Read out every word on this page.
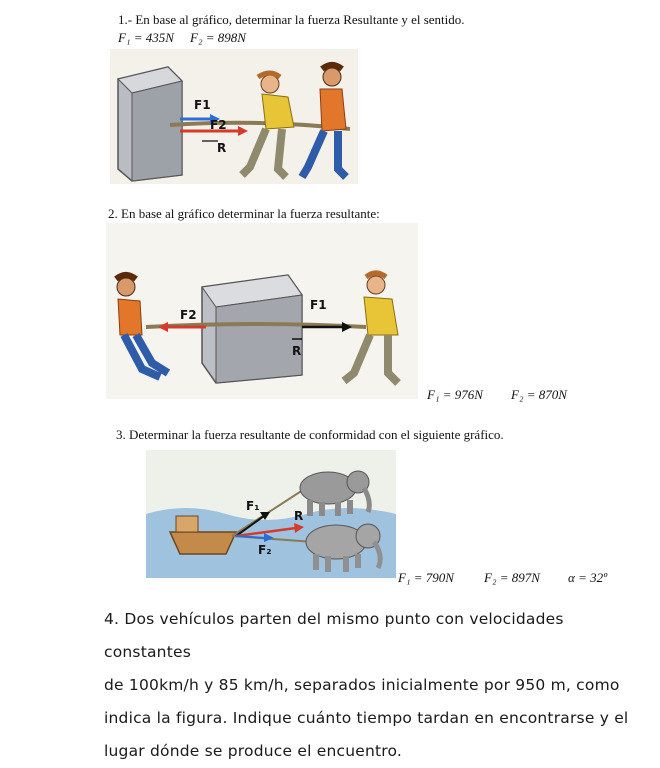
1.- En base al gráfico, determinar la fuerza Resultante y el sentido.
F₁ = 435N F₂ = 898N
F1
F2
R
2. En base al gráfico determinar la fuerza resultante:
F2
F1
R
F₁ = 976N F₂ = 870N
3. Determinar la fuerza resultante de conformidad con el siguiente gráfico.
F₁
R
F₂
F₁ = 790N F₂ = 897N α = 32º
4. Dos vehículos parten del mismo punto con velocidades constantes
de 100km/h y 85 km/h, separados inicialmente por 950 m, como
indica la figura. Indique cuánto tiempo tardan en encontrarse y el
lugar dónde se produce el encuentro.
